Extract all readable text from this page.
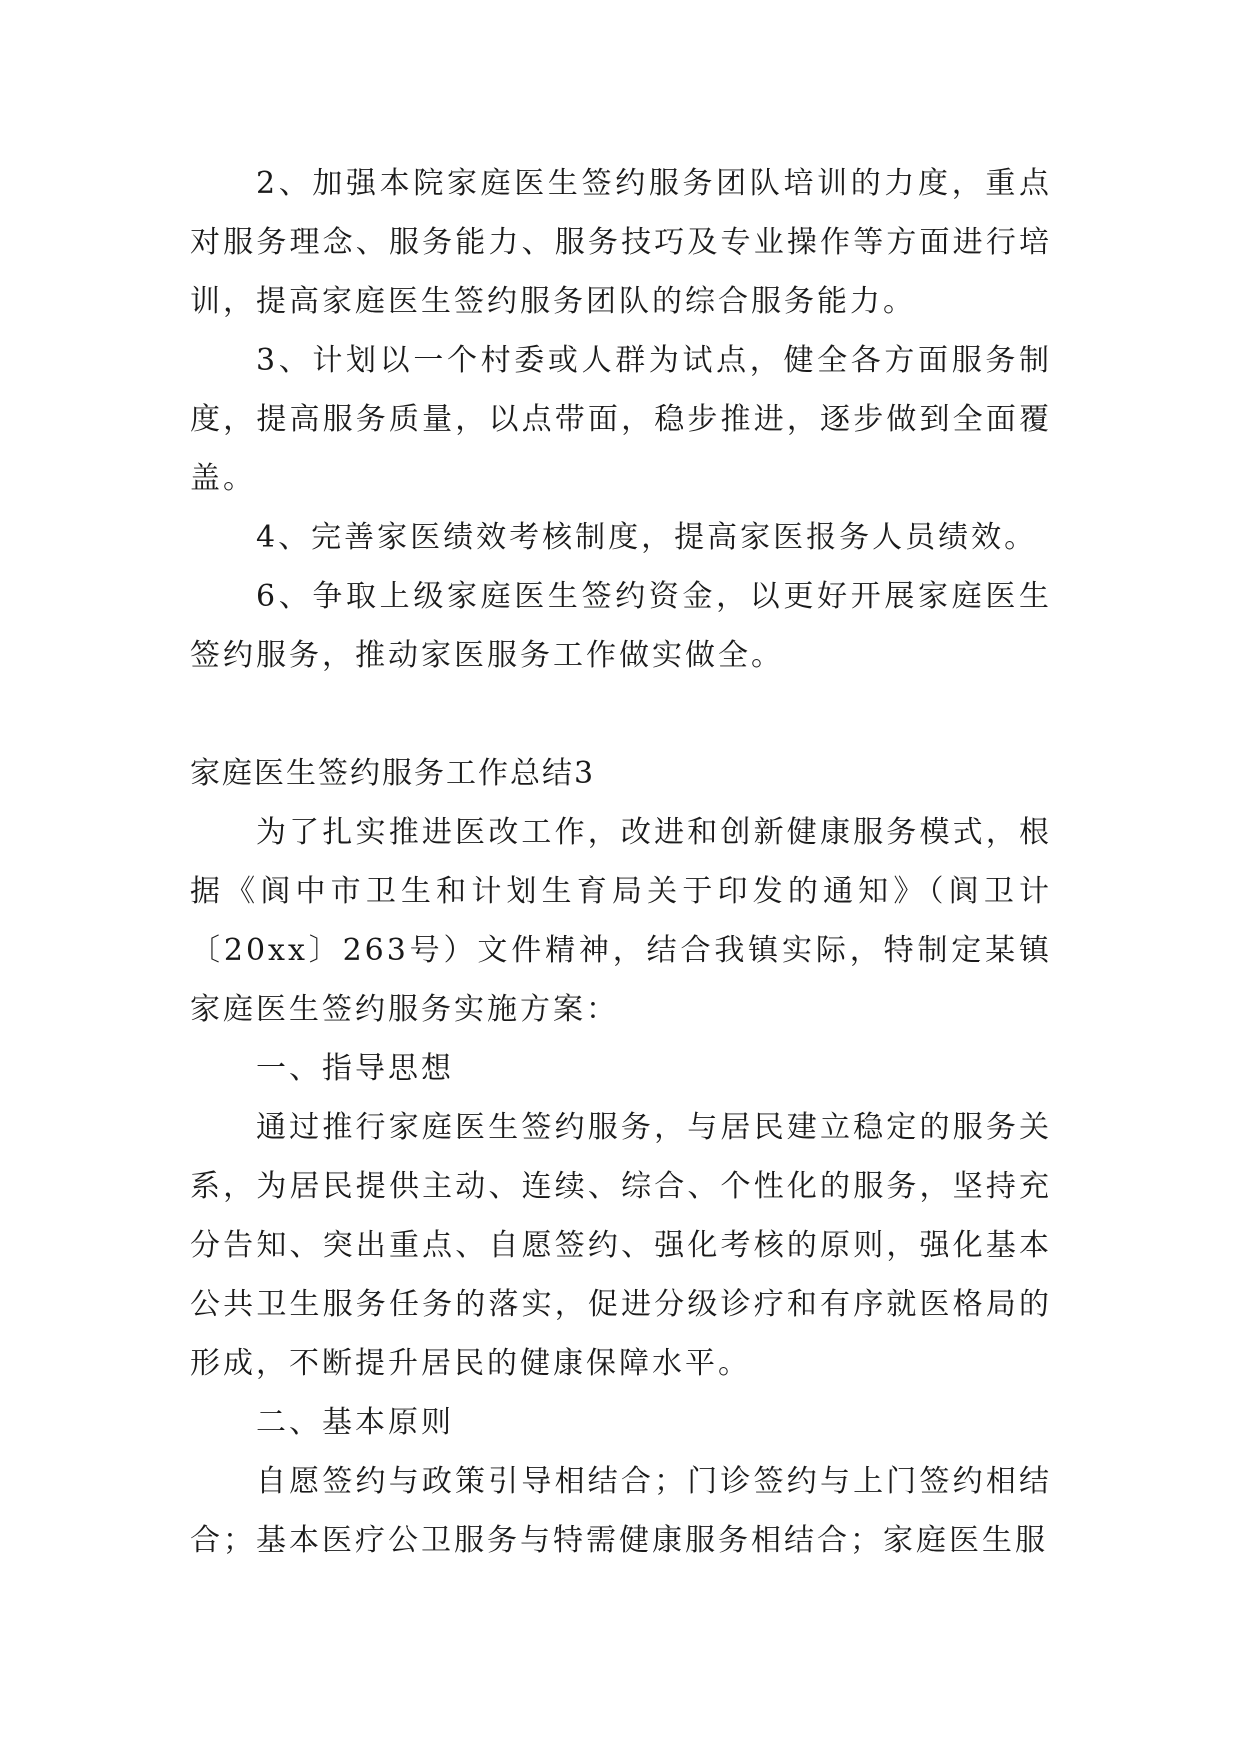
2、加强本院家庭医生签约服务团队培训的力度，重点对服务理念、服务能力、服务技巧及专业操作等方面进行培训，提高家庭医生签约服务团队的综合服务能力。

3、计划以一个村委或人群为试点，健全各方面服务制度，提高服务质量，以点带面，稳步推进，逐步做到全面覆盖。

4、完善家医绩效考核制度，提高家医报务人员绩效。

6、争取上级家庭医生签约资金，以更好开展家庭医生签约服务，推动家医服务工作做实做全。

家庭医生签约服务工作总结3

为了扎实推进医改工作，改进和创新健康服务模式，根据《阆中市卫生和计划生育局关于印发的通知》（阆卫计〔20xx〕263号）文件精神，结合我镇实际，特制定某镇家庭医生签约服务实施方案：

一、指导思想

通过推行家庭医生签约服务，与居民建立稳定的服务关系，为居民提供主动、连续、综合、个性化的服务，坚持充分告知、突出重点、自愿签约、强化考核的原则，强化基本公共卫生服务任务的落实，促进分级诊疗和有序就医格局的形成，不断提升居民的健康保障水平。

二、基本原则

自愿签约与政策引导相结合；门诊签约与上门签约相结合；基本医疗公卫服务与特需健康服务相结合；家庭医生服
